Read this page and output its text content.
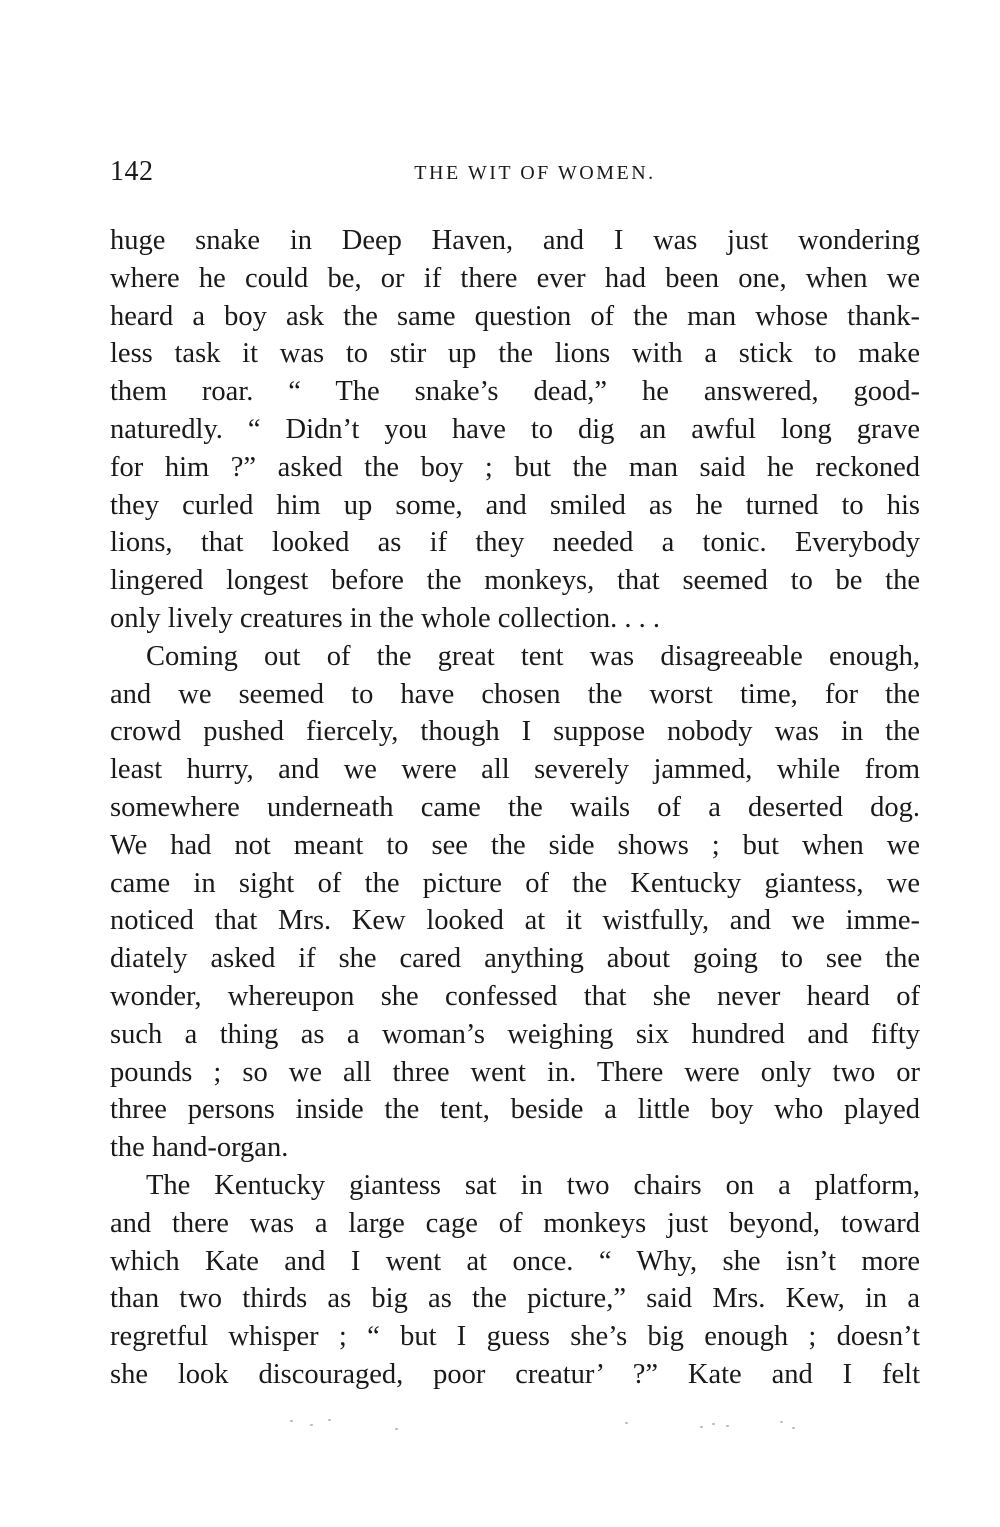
142	THE WIT OF WOMEN.
huge snake in Deep Haven, and I was just wondering
where he could be, or if there ever had been one, when we
heard a boy ask the same question of the man whose thank-
less task it was to stir up the lions with a stick to make
them roar. “ The snake’s dead,” he answered, good-
naturedly. “ Didn’t you have to dig an awful long grave
for him ?” asked the boy ; but the man said he reckoned
they curled him up some, and smiled as he turned to his
lions, that looked as if they needed a tonic. Everybody
lingered longest before the monkeys, that seemed to be the
only lively creatures in the whole collection. . . .
Coming out of the great tent was disagreeable enough,
and we seemed to have chosen the worst time, for the
crowd pushed fiercely, though I suppose nobody was in the
least hurry, and we were all severely jammed, while from
somewhere underneath came the wails of a deserted dog.
We had not meant to see the side shows ; but when we
came in sight of the picture of the Kentucky giantess, we
noticed that Mrs. Kew looked at it wistfully, and we imme-
diately asked if she cared anything about going to see the
wonder, whereupon she confessed that she never heard of
such a thing as a woman’s weighing six hundred and fifty
pounds ; so we all three went in. There were only two or
three persons inside the tent, beside a little boy who played
the hand-organ.
The Kentucky giantess sat in two chairs on a platform,
and there was a large cage of monkeys just beyond, toward
which Kate and I went at once. “ Why, she isn’t more
than two thirds as big as the picture,” said Mrs. Kew, in a
regretful whisper ; “ but I guess she’s big enough ; doesn’t
she look discouraged, poor creatur’ ?” Kate and I felt
